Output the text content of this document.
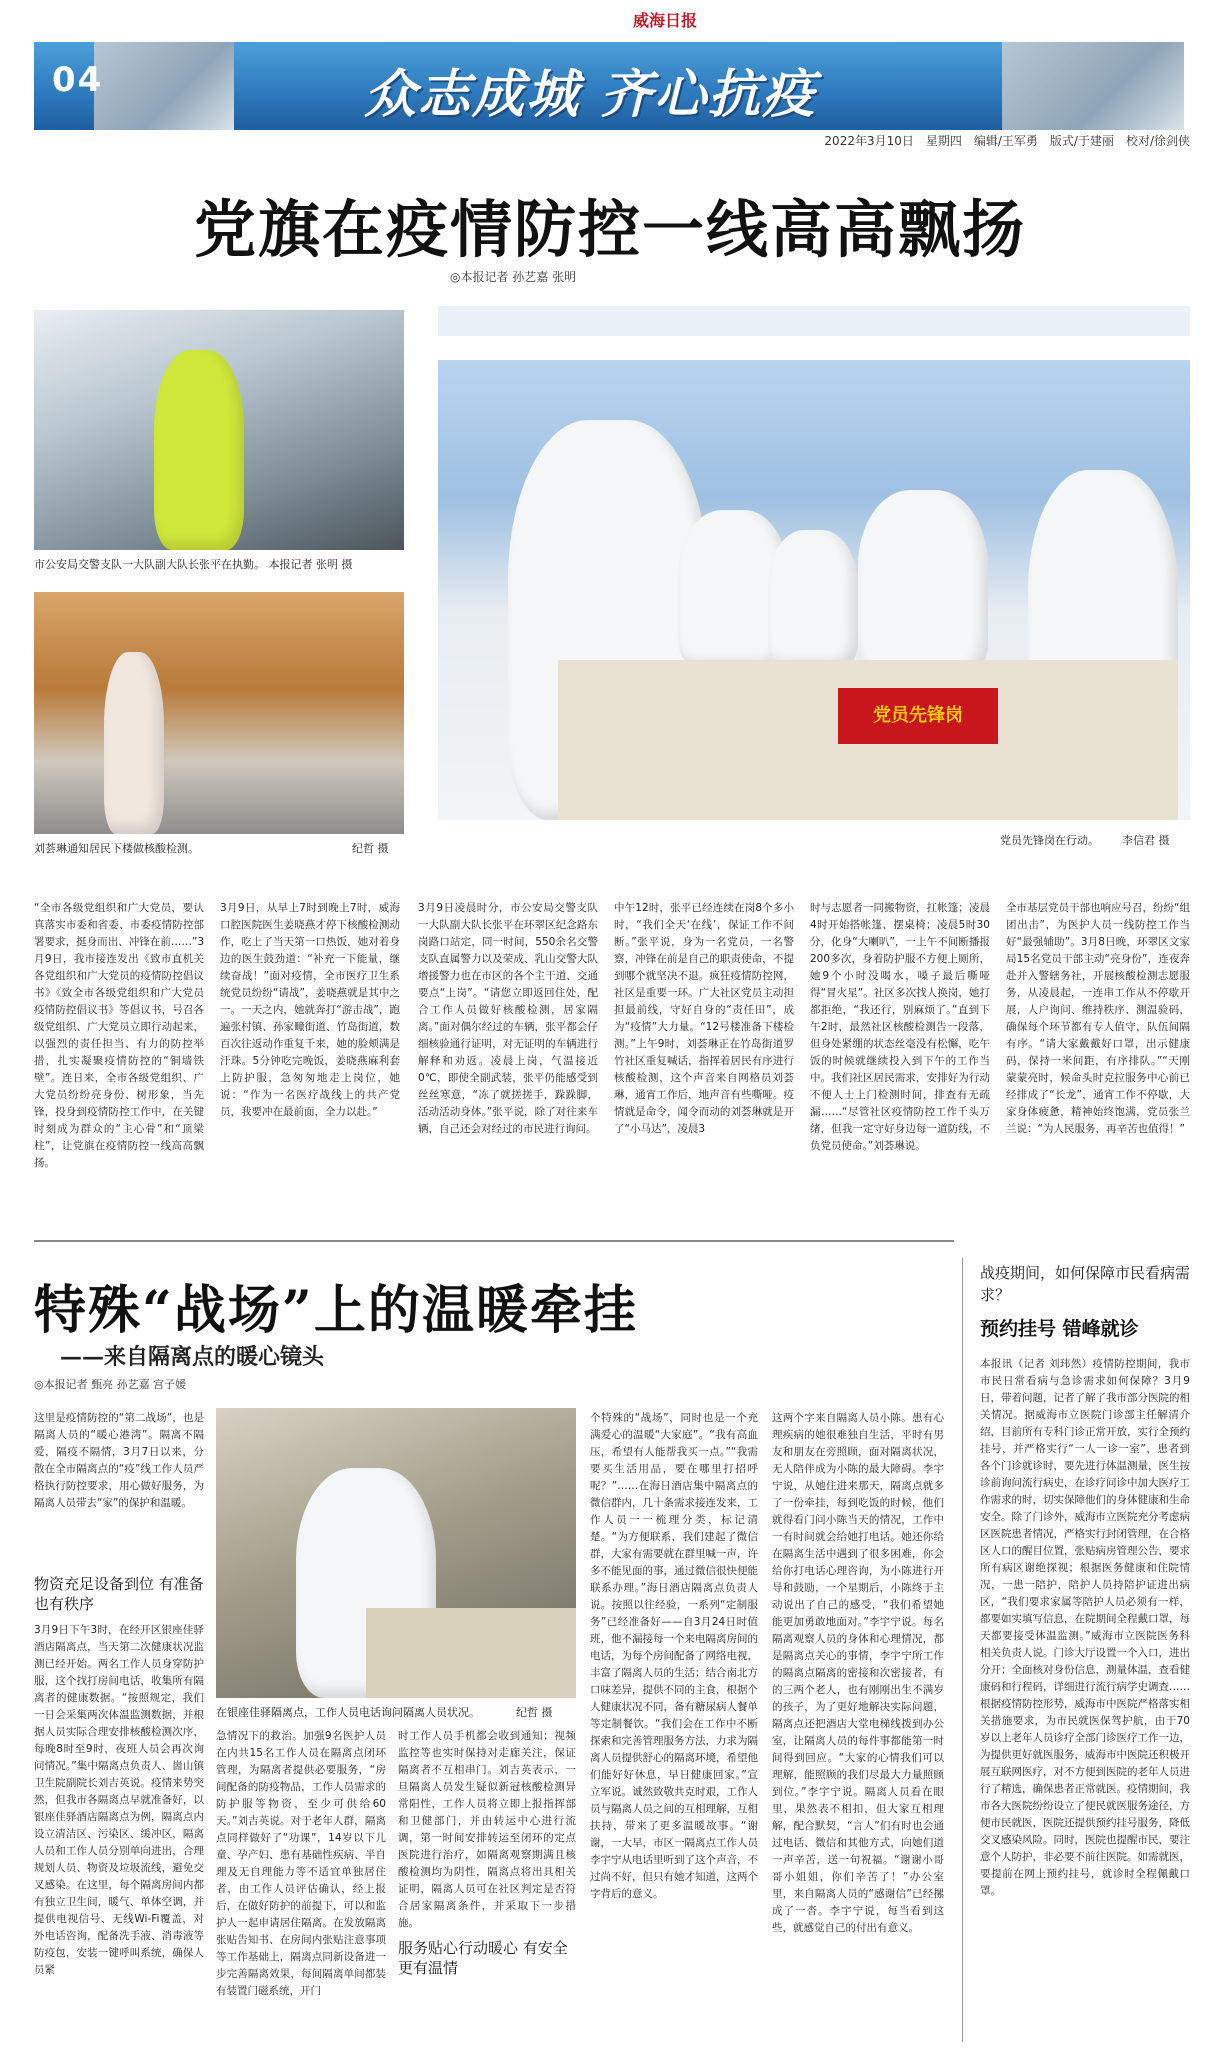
威海日报
04	众志成城 齐心抗疫
2022年3月10日　星期四　编辑/王军勇　版式/于建丽　校对/徐剑侠
党旗在疫情防控一线高高飘扬
◎本报记者 孙艺嘉 张明
市公安局交警支队一大队副大队长张平在执勤。 本报记者 张明 摄
刘荟琳通知居民下楼做核酸检测。	纪哲 摄
党员先锋岗
党员先锋岗在行动。	李信君 摄
“全市各级党组织和广大党员，要认真落实市委和省委、市委疫情防控部署要求，挺身而出、冲锋在前……”3月9日，我市接连发出《致市直机关各党组织和广大党员的疫情防控倡议书》《致全市各级党组织和广大党员疫情防控倡议书》等倡议书，号召各级党组织、广大党员立即行动起来，以强烈的责任担当、有力的防控举措，扎实凝聚疫情防控的“铜墙铁壁”。连日来，全市各级党组织、广大党员纷纷亮身份、树形象，当先锋，投身到疫情防控工作中，在关键时刻成为群众的“主心骨”和“顶梁柱”，让党旗在疫情防控一线高高飘扬。
3月9日，从早上7时到晚上7时，威海口腔医院医生姜晓燕才停下核酸检测动作，吃上了当天第一口热饭，她对着身边的医生鼓劲道：“补充一下能量，继续奋战！”面对疫情，全市医疗卫生系统党员纷纷“请战”，姜晓燕就是其中之一。一天之内，她就奔打“游击战”，跑遍张村镇、孙家疃街道、竹岛街道，数百次往返动作重复千来，她的脸颊满是汗珠。5分钟吃完晚饭，姜晓燕麻利套上防护服，急匆匆地走上岗位，她说：“作为一名医疗战线上的共产党员，我要冲在最前面，全力以赴。”
3月9日凌晨时分，市公安局交警支队一大队副大队长张平在环翠区纪念路东岗路口站定，同一时间，550余名交警支队直属警力以及荣成、乳山交警大队增援警力也在市区的各个主干道、交通要点“上岗”。“请您立即返回住处，配合工作人员做好核酸检测，居家隔离。”面对偶尔经过的车辆，张平都会仔细核验通行证明，对无证明的车辆进行解释和劝返。凌晨上岗，气温接近0℃，即使全副武装，张平仍能感受到丝丝寒意，“冻了就搓搓手，跺跺脚，活动活动身体。”张平说，除了对往来车辆，自己还会对经过的市民进行询问。
中午12时，张平已经连续在岗8个多小时，“我们全天‘在线’，保证工作不间断。”张平说，身为一名党员，一名警察，冲锋在前是自己的职责使命，不提到哪个就坚决不退。疯狂疫情防控网，社区是重要一环。广大社区党员主动担担最前线，守好自身的“责任田”，成为“疫情”大力量。“12号楼准备下楼检测。”上午9时，刘荟琳正在竹岛街道罗竹社区重复喊话，指挥着居民有序进行核酸检测，这个声音来自网格员刘荟琳，通宵工作后，地声音有些嘶哑。疫情就是命令，闻令而动的刘荟琳就是开了“小马达”，凌晨3
时与志愿者一同搬物资，扛帐篷；凌晨4时开始搭帐篷、摆桌椅；凌晨5时30分，化身“大喇叭”，一上午不间断播报200多次，身着防护服不方便上厕所，她9个小时没喝水，嗓子最后嘶哑得“冒火星”。社区多次找人换岗，她打都拒绝，“我还行，别麻烦了。”直到下午2时，最然社区核酸检测告一段落，但身处紧绷的状态丝毫没有松懈，吃午饭的时候就继续投入到下午的工作当中。我们社区居民需求，安排好为行动不便人士上门检测时间，排查有无疏漏……“尽管社区疫情防控工作千头万绪，但我一定守好身边每一道防线，不负党员使命。”刘荟琳说。
全市基层党员干部也响应号召，纷纷“组团出击”，为医护人员一线防控工作当好“最强辅助”。3月8日晚，环翠区文家局15名党员干部主动“亮身份”，连夜奔赴并入警辖务社，开展核酸检测志愿服务，从凌晨起，一连串工作从不停歇开展，人户询问、维持秩序、测温验码，确保每个环节都有专人值守，队伍间隔有序。“请大家戴戴好口罩，出示健康码，保持一米间距，有序排队。”“天刚蒙蒙亮时，候命头时克拉服务中心前已经排成了“长龙”，通宵工作不停歇，大家身体疲惫，精神始终饱满，党员张兰兰说：“为人民服务，再辛苦也值得！”
特殊“战场”上的温暖牵挂
——来自隔离点的暖心镜头
◎本报记者 甄亮 孙艺嘉 宫子媛
在银座佳驿隔离点，工作人员电话询问隔离人员状况。	纪哲 摄
这里是疫情防控的“第二战场”，也是隔离人员的“暖心港湾”。隔离不隔爱，隔疫不隔情，3月7日以来，分散在全市隔离点的“疫”线工作人员严格执行防控要求，用心做好服务，为隔离人员带去“家”的保护和温暖。
物资充足设备到位 有准备也有秩序
3月9日下午3时，在经开区银座佳驿酒店隔离点，当天第二次健康状况监测已经开始。两名工作人员身穿防护服，这个找打房间电话，收集所有隔离者的健康数据。“按照规定，我们一日会采集两次体温监测数据，并根据人员实际合理安排核酸检测次序，每晚8时至9时，夜班人员会再次询问情况。”集中隔离点负责人、崮山镇卫生院副院长刘吉英说。疫情来势突然，但我市各隔离点早就准备好，以银座佳驿酒店隔离点为例，隔离点内设立清洁区、污染区、缓冲区，隔离人员和工作人员分别单向进出，合理规划人员、物资及垃圾流线，避免交叉感染。在这里，每个隔离房间内都有独立卫生间，暖气、单体空调，并提供电视信号、无线Wi-Fi覆盖，对外电话咨询，配备洗手液、消毒液等防疫包，安装一键呼叫系统，确保人员紧
急情况下的救治。加强9名医护人员在内共15名工作人员在隔离点闭环管理，为隔离者提供必要服务，“房间配备的防疫物品，工作人员需求的防护服等物资，至少可供给60天。”刘吉英说。对于老年人群，隔离点同样做好了“功课”，14岁以下儿童、孕产妇、患有基础性疾病、半自理及无自理能力等不适宜单独居住者，由工作人员评估确认，经上报后，在做好防护的前提下，可以和监护人一起申请居住隔离。在发放隔离张贴告知书、在房间内张贴注意事项等工作基础上，隔离点同新设备进一步完善隔离效果，每间隔离单间都装有装置门磁系统，开门
时工作人员手机都会收到通知；视频监控等也实时保持对走廊关注，保证隔离者不互相串门。刘吉英表示，一旦隔离人员发生疑似新冠核酸检测异常阳性，工作人员将立即上报指挥部和卫健部门，并由转运中心进行流调，第一时间安排转运至闭环的定点医院进行治疗，如隔离观察期满且核酸检测均为阴性，隔离点将出具相关证明，隔离人员可在社区判定是否符合居家隔离条件，并采取下一步措施。
服务贴心行动暖心 有安全更有温情
个特殊的“战场”，同时也是一个充满爱心的温暖“大家庭”。“我有高血压，希望有人能帮我买一点。”“我需要买生活用品，要在哪里打招呼呢？”……在海日酒店集中隔离点的微信群内，几十条需求接连发来，工作人员一一梳理分类，标记清楚。“为方便联系，我们建起了微信群，大家有需要就在群里喊一声，许多不能见面的事，通过微信很快便能联系办理。”海日酒店隔离点负责人说。按照以往经验，一系列“定制服务”已经准备好——自3月24日时值班，他不漏接每一个来电隔离房间的电话，为每个房间配备了网络电视，丰富了隔离人员的生活；结合南北方口味差异，提供不同的主食，根据个人健康状况不同，备有糖尿病人餐单等定制餐饮。“我们会在工作中不断探索和完善管理服务方法，力求为隔离人员提供舒心的隔离环境，希望他们能好好休息，早日健康回家。”宣立军说。诚然致敬共克时艰，工作人员与隔离人员之间的互相理解，互相扶持，带来了更多温暖故事。“谢谢，一大早，市区一隔离点工作人员李宇宁从电话里听到了这个声音，不过尚不好，但只有她才知道，这两个字背后的意义。
这两个字来自隔离人员小陈。患有心理疾病的她很难独自生活，平时有男友和朋友在旁照顾，面对隔离状况，无人陪伴成为小陈的最大障碍。李宇宁说，从她住进来那天，隔离点就多了一份牵挂，每到吃饭的时候，他们就得看门问小陈当天的情况，工作中一有时间就会给她打电话。她还你给在隔离生活中遇到了很多困难，你会给你打电话心理咨询，为小陈进行开导和鼓励，一个星期后，小陈终于主动说出了自己的感受，“我们希望她能更加勇敢地面对。”李宇宁说。每名隔离观察人员的身体和心理情况，都是隔离点关心的事情，李宇宁所工作的隔离点隔离的密接和次密接者，有的三两个老人，也有刚刚出生不满岁的孩子，为了更好地解决实际问题，隔离点还把酒店大堂电梯线拨到办公室，让隔离人员的每件事都能第一时间得到回应。“大家的心情我们可以理解，能照顾的我们尽最大力量照顾到位。”李宇宁说。隔离人员看在眼里，果然表不相扣，但大家互相理解，配合默契，“言人”们有时也会通过电话、微信和其他方式，向她们道一声辛苦，送一句祝福。“谢谢小哥哥小姐姐，你们辛苦了！”办公室里，来自隔离人员的“感谢信”已经摞成了一沓。李宇宁说，每当看到这些，就感觉自己的付出有意义。
战疫期间，如何保障市民看病需求？
预约挂号 错峰就诊
本报讯（记者 刘玮然）疫情防控期间，我市市民日常看病与急诊需求如何保障？3月9日，带着问题，记者了解了我市部分医院的相关情况。据威海市立医院门诊部主任解清介绍，目前所有专科门诊正常开放，实行全预约挂号，并严格实行“一人一诊一室”，患者到各个门诊就诊时，要先进行体温测量，医生按诊前询问流行病史，在诊疗问诊中加大医疗工作需求的时，切实保障他们的身体健康和生命安全。除了门诊外，威海市立医院充分考虑病区医院患者情况，严格实行封闭管理，在合格区人口的醒目位置，张贴病房管理公告，要求所有病区谢绝探视；根据医务健康和住院情况，一患一陪护，陪护人员持陪护证进出病区，“我们要求家属等陪护人员必须有一样，都要如实填写信息，在院期间全程戴口罩，每天都要接受体温监测。”威海市立医院医务科相关负责人说。门诊大厅设置一个入口，进出分开；全面核对身份信息，测量体温，查看健康码和行程码，详细进行流行病学史调查……根据疫情防控形势，威海市中医院严格落实相关措施要求，为市民就医保驾护航，由于70岁以上老年人员诊疗全部门诊医疗工作一边，为提供更好就医服务，威海市中医院还积极开展互联网医疗，对不方便到医院的老年人员进行了精选，确保患者正常就医。疫情期间，我市各大医院纷纷设立了便民就医服务途径，方便市民就医，医院还提供预约挂号服务，降低交叉感染风险。同时，医院也提醒市民，要注意个人防护，非必要不前往医院。如需就医，要提前在网上预约挂号，就诊时全程佩戴口罩。
